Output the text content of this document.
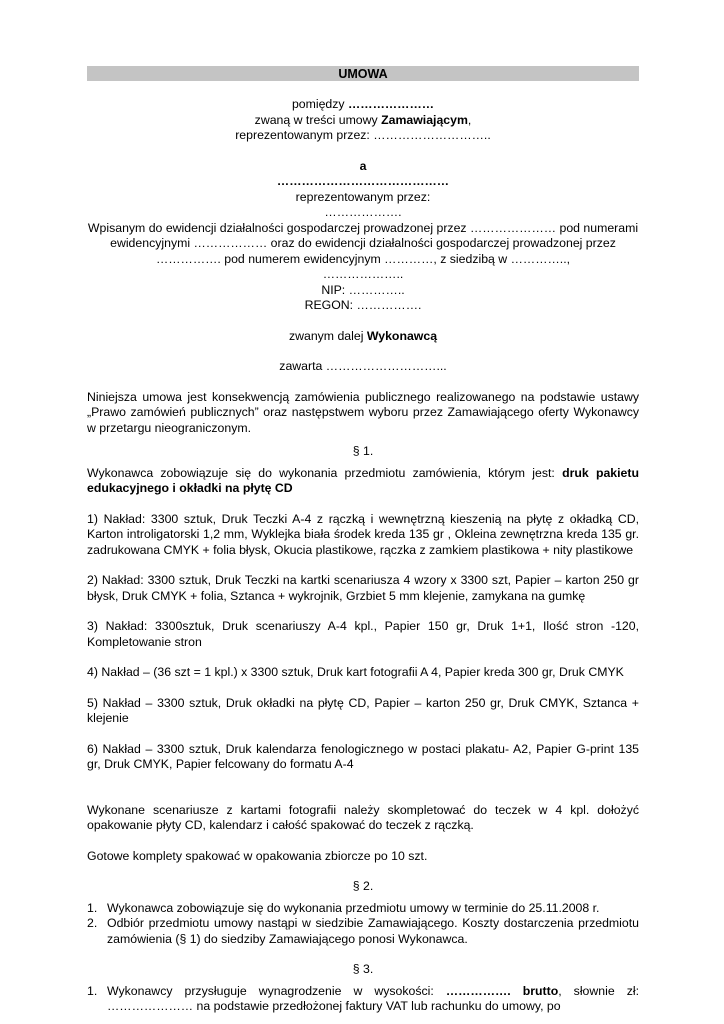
UMOWA
pomiędzy …………………
zwaną w treści umowy Zamawiającym,
reprezentowanym przez: ………………………..
a
……………………………………
reprezentowanym przez:
……………….
Wpisanym do ewidencji działalności gospodarczej prowadzonej przez ………………… pod numerami ewidencyjnymi ……………… oraz do ewidencji działalności gospodarczej prowadzonej przez ……………. pod numerem ewidencyjnym …………, z siedzibą w …………..,
………………..
NIP: …………..
REGON: …………….
zwanym dalej Wykonawcą
zawarta ………………………...
Niniejsza umowa jest konsekwencją zamówienia publicznego realizowanego na podstawie ustawy „Prawo zamówień publicznych” oraz następstwem wyboru przez Zamawiającego oferty Wykonawcy w przetargu nieograniczonym.
§ 1.
Wykonawca zobowiązuje się do wykonania przedmiotu zamówienia, którym jest: druk pakietu edukacyjnego i okładki na płytę CD
1) Nakład: 3300 sztuk, Druk Teczki A-4 z rączką i wewnętrzną kieszenią na płytę z okładką CD, Karton introligatorski 1,2 mm, Wyklejka biała środek kreda 135 gr , Okleina zewnętrzna kreda 135 gr. zadrukowana CMYK + folia błysk, Okucia plastikowe, rączka z zamkiem plastikowa + nity plastikowe
2) Nakład: 3300 sztuk, Druk Teczki na kartki scenariusza 4 wzory x 3300 szt, Papier – karton 250 gr błysk, Druk CMYK + folia, Sztanca + wykrojnik, Grzbiet 5 mm klejenie, zamykana na gumkę
3) Nakład: 3300sztuk, Druk scenariuszy A-4 kpl., Papier 150 gr, Druk 1+1, Ilość stron -120, Kompletowanie stron
4) Nakład – (36 szt = 1 kpl.) x 3300 sztuk, Druk kart fotografii A 4, Papier kreda 300 gr, Druk CMYK
5) Nakład – 3300 sztuk, Druk okładki na płytę CD, Papier – karton 250 gr, Druk CMYK, Sztanca + klejenie
6) Nakład – 3300 sztuk, Druk kalendarza fenologicznego w postaci plakatu- A2, Papier G-print 135 gr, Druk CMYK, Papier felcowany do formatu A-4
Wykonane scenariusze z kartami fotografii należy skompletować do teczek w 4 kpl. dołożyć opakowanie płyty CD, kalendarz i całość spakować do teczek z rączką.
Gotowe komplety spakować w opakowania zbiorcze po 10 szt.
§ 2.
1. Wykonawca zobowiązuje się do wykonania przedmiotu umowy w terminie do 25.11.2008 r.
2. Odbiór przedmiotu umowy nastąpi w siedzibie Zamawiającego. Koszty dostarczenia przedmiotu zamówienia (§ 1) do siedziby Zamawiającego ponosi Wykonawca.
§ 3.
1. Wykonawcy przysługuje wynagrodzenie w wysokości: ……………. brutto, słownie zł: ………………… na podstawie przedłożonej faktury VAT lub rachunku do umowy, po
